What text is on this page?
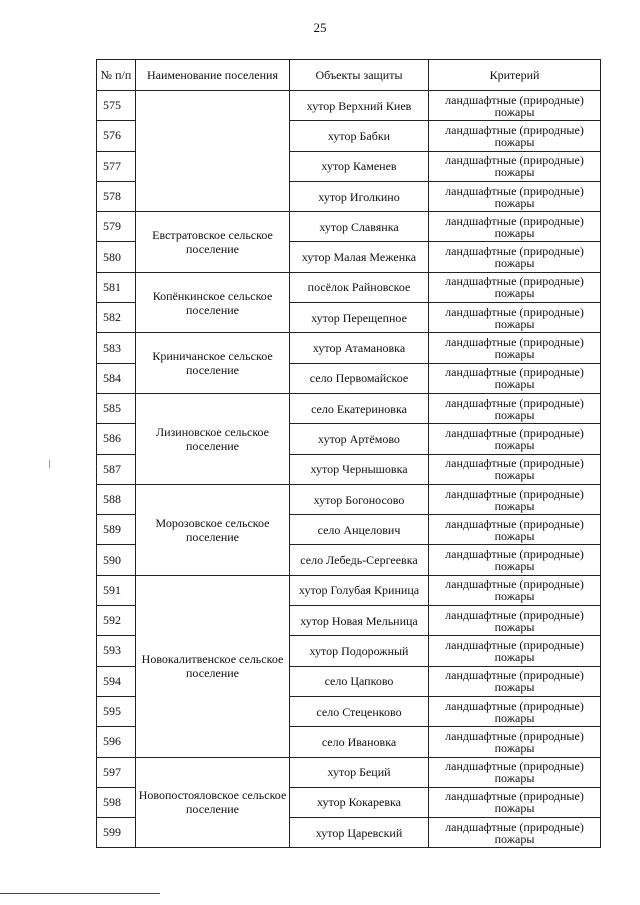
25
№ п/п	Наименование поселения	Объекты защиты	Критерий
575		хутор Верхний Киев	ландшафтные (природные) пожары
576		хутор Бабки	ландшафтные (природные) пожары
577		хутор Каменев	ландшафтные (природные) пожары
578		хутор Иголкино	ландшафтные (природные) пожары
579	Евстратовское сельское поселение	хутор Славянка	ландшафтные (природные) пожары
580		хутор Малая Меженка	ландшафтные (природные) пожары
581	Копёнкинское сельское поселение	посёлок Райновское	ландшафтные (природные) пожары
582		хутор Перещепное	ландшафтные (природные) пожары
583	Криничанское сельское поселение	хутор Атамановка	ландшафтные (природные) пожары
584		село Первомайское	ландшафтные (природные) пожары
585	Лизиновское сельское поселение	село Екатериновка	ландшафтные (природные) пожары
586		хутор Артёмово	ландшафтные (природные) пожары
587		хутор Чернышовка	ландшафтные (природные) пожары
588	Морозовское сельское поселение	хутор Богоносово	ландшафтные (природные) пожары
589		село Анцелович	ландшафтные (природные) пожары
590		село Лебедь-Сергеевка	ландшафтные (природные) пожары
591	Новокалитвенское сельское поселение	хутор Голубая Криница	ландшафтные (природные) пожары
592		хутор Новая Мельница	ландшафтные (природные) пожары
593		хутор Подорожный	ландшафтные (природные) пожары
594		село Цапково	ландшафтные (природные) пожары
595		село Стеценково	ландшафтные (природные) пожары
596		село Ивановка	ландшафтные (природные) пожары
597	Новопостояловское сельское поселение	хутор Беций	ландшафтные (природные) пожары
598		хутор Кокаревка	ландшафтные (природные) пожары
599		хутор Царевский	ландшафтные (природные) пожары
